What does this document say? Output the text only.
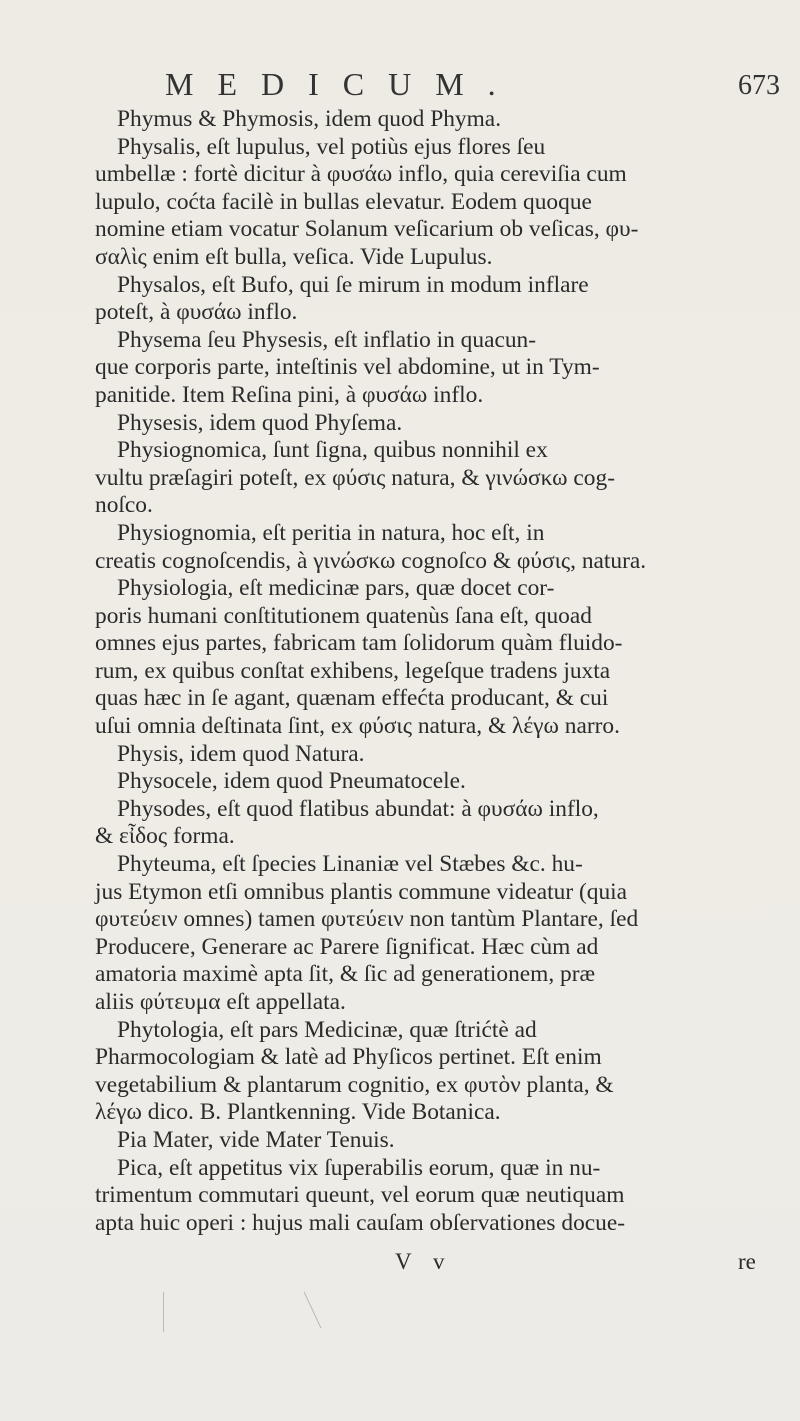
MEDICUM.	673
Phymus & Phymosis, idem quod Phyma.
Physalis, eſt lupulus, vel potiùs ejus flores ſeu
umbellæ : fortè dicitur à φυσάω inflo, quia cereviſia cum
lupulo, coćta facilè in bullas elevatur. Eodem quoque
nomine etiam vocatur Solanum veſicarium ob veſicas, φυ-
σαλὶς enim eſt bulla, veſica. Vide Lupulus.
Physalos, eſt Bufo, qui ſe mirum in modum inflare
poteſt, à φυσάω inflo.
Physema ſeu Physesis, eſt inflatio in quacun-
que corporis parte, inteſtinis vel abdomine, ut in Tym-
panitide. Item Reſina pini, à φυσάω inflo.
Physesis, idem quod Phyſema.
Physiognomica, ſunt ſigna, quibus nonnihil ex
vultu præſagiri poteſt, ex φύσις natura, & γινώσκω cog-
noſco.
Physiognomia, eſt peritia in natura, hoc eſt, in
creatis cognoſcendis, à γινώσκω cognoſco & φύσις, natura.
Physiologia, eſt medicinæ pars, quæ docet cor-
poris humani conſtitutionem quatenùs ſana eſt, quoad
omnes ejus partes, fabricam tam ſolidorum quàm fluido-
rum, ex quibus conſtat exhibens, legeſque tradens juxta
quas hæc in ſe agant, quænam effećta producant, & cui
uſui omnia deſtinata ſint, ex φύσις natura, & λέγω narro.
Physis, idem quod Natura.
Physocele, idem quod Pneumatocele.
Physodes, eſt quod flatibus abundat: à φυσάω inflo,
& εἶδος forma.
Phyteuma, eſt ſpecies Linaniæ vel Stæbes &c. hu-
jus Etymon etſi omnibus plantis commune videatur (quia
φυτεύειν omnes) tamen φυτεύειν non tantùm Plantare, ſed
Producere, Generare ac Parere ſignificat. Hæc cùm ad
amatoria maximè apta ſit, & ſic ad generationem, præ
aliis φύτευμα eſt appellata.
Phytologia, eſt pars Medicinæ, quæ ſtrićtè ad
Pharmocologiam & latè ad Phyſicos pertinet. Eſt enim
vegetabilium & plantarum cognitio, ex φυτὸν planta, &
λέγω dico. B. Plantkenning. Vide Botanica.
Pia Mater, vide Mater Tenuis.
Pica, eſt appetitus vix ſuperabilis eorum, quæ in nu-
trimentum commutari queunt, vel eorum quæ neutiquam
apta huic operi : hujus mali cauſam obſervationes docue-
V v	re
